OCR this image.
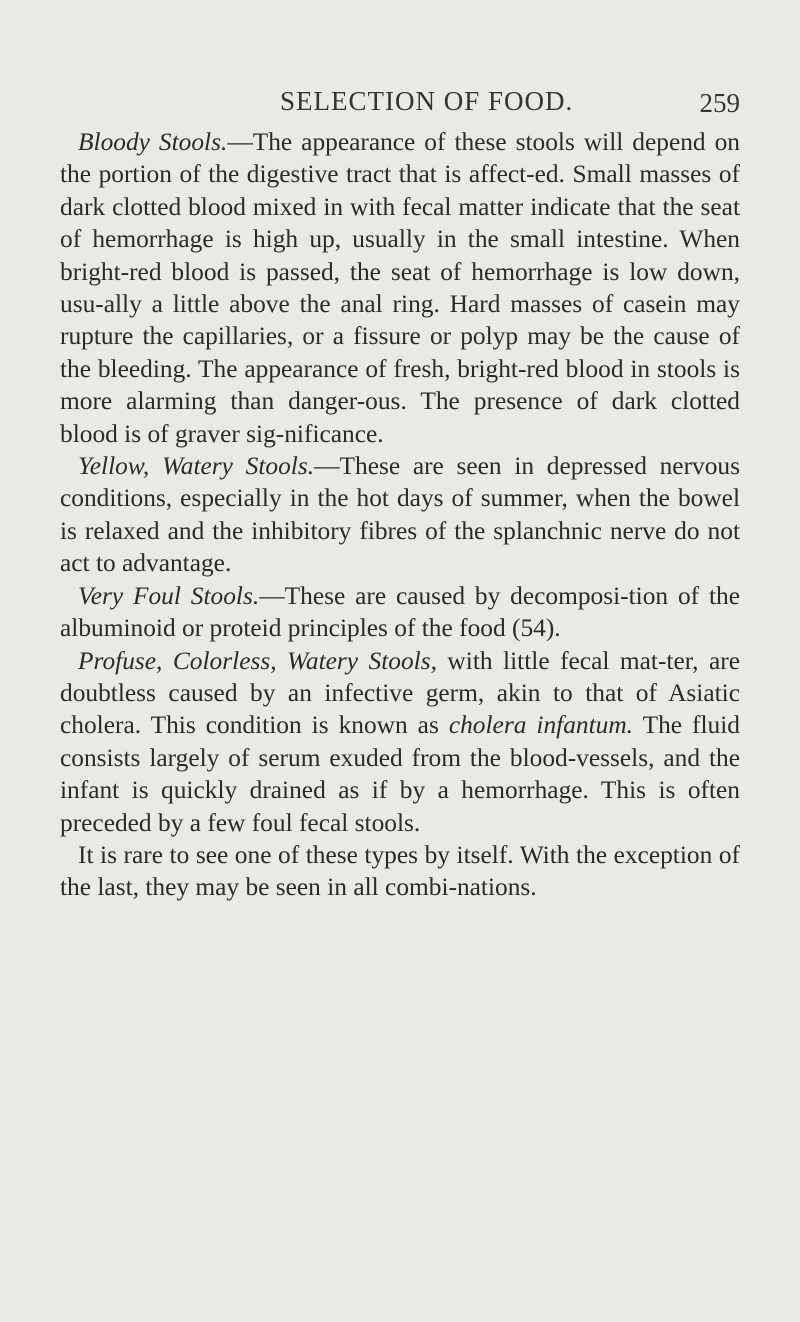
SELECTION OF FOOD.	259

Bloody Stools.—The appearance of these stools will depend on the portion of the digestive tract that is affect-ed. Small masses of dark clotted blood mixed in with fecal matter indicate that the seat of hemorrhage is high up, usually in the small intestine. When bright-red blood is passed, the seat of hemorrhage is low down, usu-ally a little above the anal ring. Hard masses of casein may rupture the capillaries, or a fissure or polyp may be the cause of the bleeding. The appearance of fresh, bright-red blood in stools is more alarming than danger-ous. The presence of dark clotted blood is of graver sig-nificance.

Yellow, Watery Stools.—These are seen in depressed nervous conditions, especially in the hot days of summer, when the bowel is relaxed and the inhibitory fibres of the splanchnic nerve do not act to advantage.

Very Foul Stools.—These are caused by decomposi-tion of the albuminoid or proteid principles of the food (54).

Profuse, Colorless, Watery Stools, with little fecal mat-ter, are doubtless caused by an infective germ, akin to that of Asiatic cholera. This condition is known as cholera infantum. The fluid consists largely of serum exuded from the blood-vessels, and the infant is quickly drained as if by a hemorrhage. This is often preceded by a few foul fecal stools.

It is rare to see one of these types by itself. With the exception of the last, they may be seen in all combi-nations.
